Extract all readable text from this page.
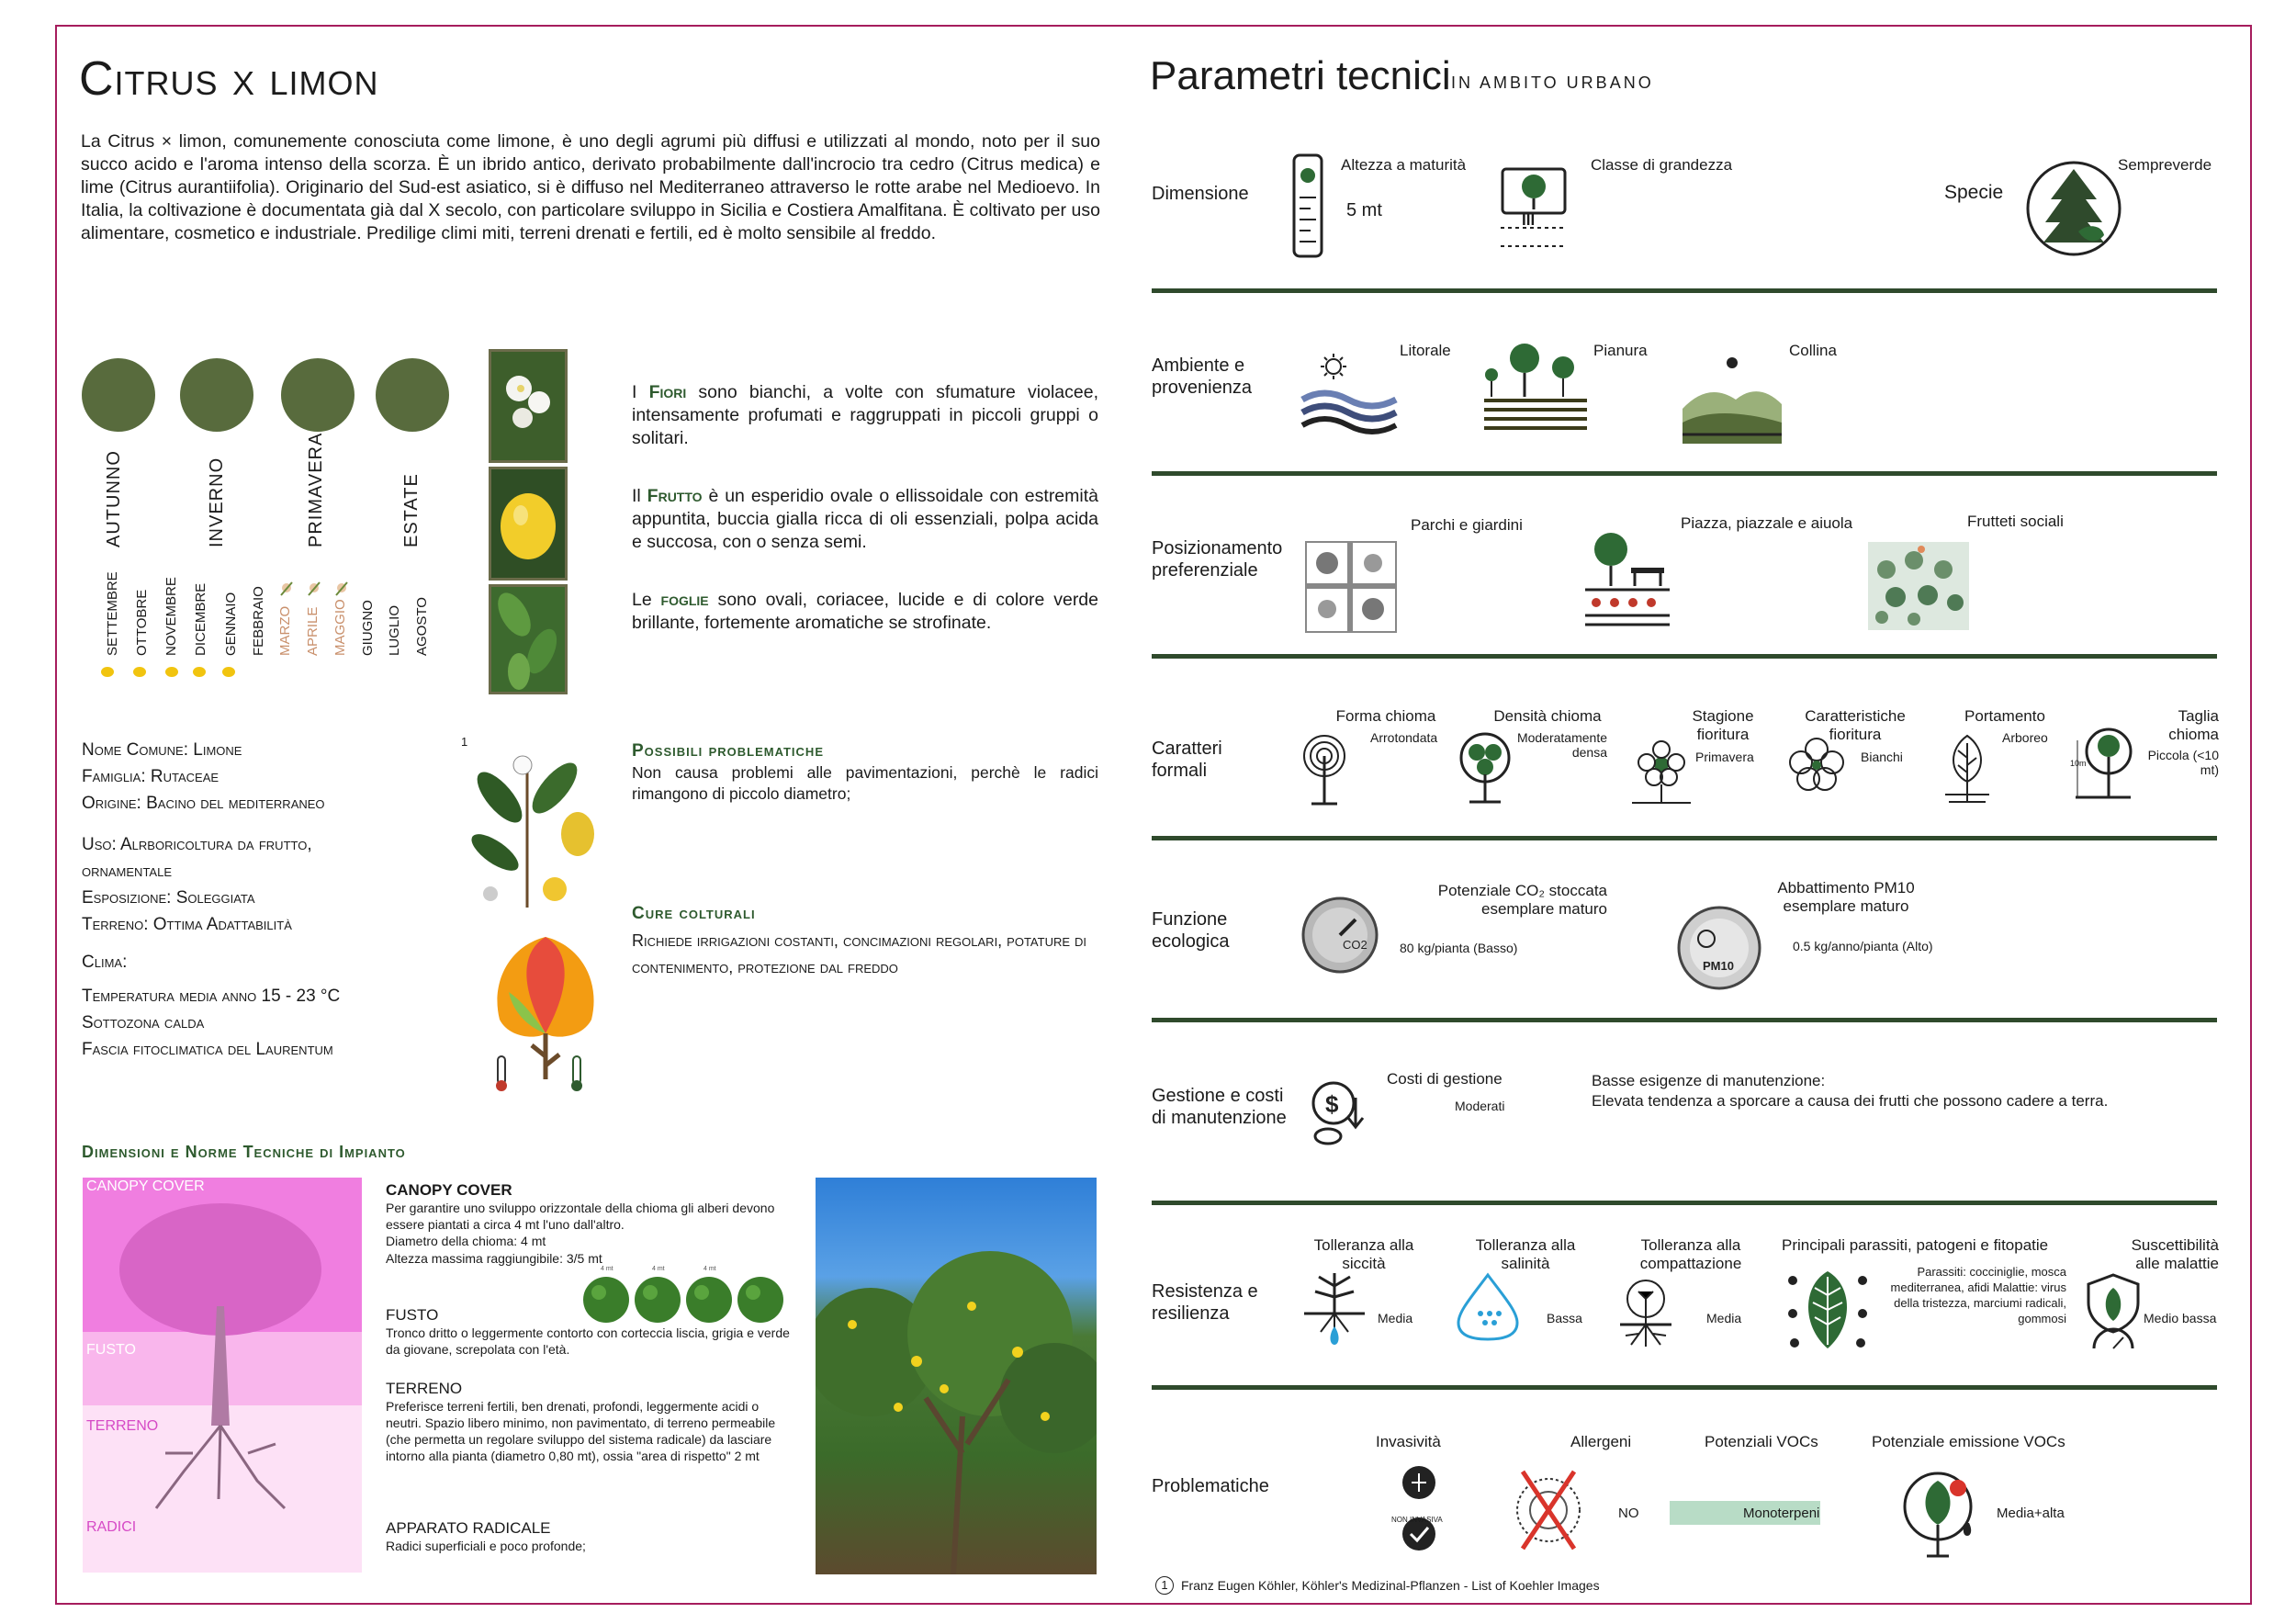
Citrus x limon
La Citrus × limon, comunemente conosciuta come limone, è uno degli agrumi più diffusi e utilizzati al mondo, noto per il suo succo acido e l'aroma intenso della scorza. È un ibrido antico, derivato probabilmente dall'incrocio tra cedro (Citrus medica) e lime (Citrus aurantiifolia). Originario del Sud-est asiatico, si è diffuso nel Mediterraneo attraverso le rotte arabe nel Medioevo. In Italia, la coltivazione è documentata già dal X secolo, con particolare sviluppo in Sicilia e Costiera Amalfitana. È coltivato per uso alimentare, cosmetico e industriale. Predilige climi miti, terreni drenati e fertili, ed è molto sensibile al freddo.
AUTUNNO	INVERNO	PRIMAVERA	ESTATE
SETTEMBRE OTTOBRE NOVEMBRE DICEMBRE GENNAIO FEBBRAIO MARZO APRILE MAGGIO GIUGNO LUGLIO AGOSTO
I Fiori sono bianchi, a volte con sfumature violacee, intensamente profumati e raggruppati in piccoli gruppi o solitari.
Il Frutto è un esperidio ovale o ellissoidale con estremità appuntita, buccia gialla ricca di oli essenziali, polpa acida e succosa, con o senza semi.
Le foglie sono ovali, coriacee, lucide e di colore verde brillante, fortemente aromatiche se strofinate.
Nome Comune: Limone
Famiglia: Rutaceae
Origine: Bacino del mediterraneo
Uso: Alrboricoltura da frutto,
ornamentale
Esposizione: Soleggiata
Terreno: Ottima Adattabilità
Clima:
Temperatura media anno 15 - 23 °C
Sottozona calda
Fascia fitoclimatica del Laurentum
1	Possibili problematiche
Non causa problemi alle pavimentazioni, perchè le radici rimangono di piccolo diametro;
Cure colturali
Richiede irrigazioni costanti, concimazioni regolari, potature di contenimento, protezione dal freddo
Dimensioni e Norme Tecniche di Impianto
CANOPY COVER
FUSTO
TERRENO
RADICI
CANOPY COVER
Per garantire uno sviluppo orizzontale della chioma gli alberi devono essere piantati a circa 4 mt l'uno dall'altro.
Diametro della chioma: 4 mt
Altezza massima raggiungibile: 3/5 mt
4 mt	4 mt	4 mt
FUSTO
Tronco dritto o leggermente contorto con corteccia liscia, grigia e verde da giovane, screpolata con l'età.
TERRENO
Preferisce terreni fertili, ben drenati, profondi, leggermente acidi o neutri. Spazio libero minimo, non pavimentato, di terreno permeabile (che permetta un regolare sviluppo del sistema radicale) da lasciare intorno alla pianta (diametro 0,80 mt), ossia "area di rispetto" 2 mt
APPARATO RADICALE
Radici superficiali e poco profonde;
Parametri tecnici IN AMBITO URBANO
Dimensione
Altezza a maturità
5 mt	III
Classe di grandezza
Specie
Sempreverde
Ambiente e provenienza
Litorale	Pianura	Collina
Posizionamento preferenziale
Parchi e giardini	Piazza, piazzale e aiuola	Frutteti sociali
Caratteri formali
Forma chioma
Arrotondata
Densità chioma
Moderatamente densa
Stagione fioritura
Primavera
Caratteristiche fioritura
Bianchi
Portamento
Arboreo
10m
Taglia chioma
Piccola (<10 mt)
Funzione ecologica	CO2
Potenziale CO₂ stoccata esemplare maturo
80 kg/pianta (Basso)
PM10
Abbattimento PM10 esemplare maturo
0.5 kg/anno/pianta (Alto)
Gestione e costi di manutenzione	$
Costi di gestione
Moderati
Basse esigenze di manutenzione:
Elevata tendenza a sporcare a causa dei frutti che possono cadere a terra.
Resistenza e resilienza
Tolleranza alla siccità
Media
Tolleranza alla salinità
Bassa
Tolleranza alla compattazione
Media
Principali parassiti, patogeni e fitopatie
Parassiti: cocciniglie, mosca mediterranea, afidi Malattie: virus della tristezza, marciumi radicali, gommosi
Suscettibilità alle malattie
Medio bassa
Problematiche
Invasività
NON INVASIVA
Allergeni
NO
Potenziali VOCs
Monoterpeni
Potenziale emissione VOCs
Media+alta
1	Franz Eugen Köhler, Köhler's Medizinal-Pflanzen - List of Koehler Images
